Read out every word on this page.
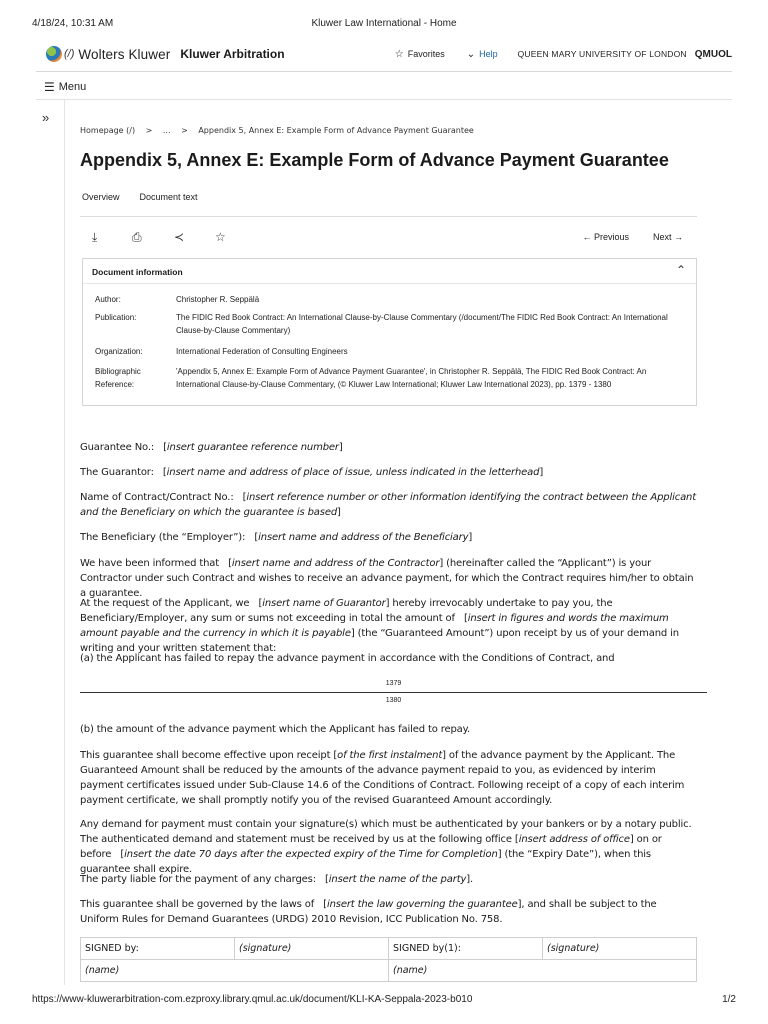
4/18/24, 10:31 AM	Kluwer Law International - Home
(/) Wolters Kluwer Kluwer Arbitration	☆ Favorites ⌄ Help QUEEN MARY UNIVERSITY OF LONDON QMUOL
☰ Menu
»
Homepage (/) > ... > Appendix 5, Annex E: Example Form of Advance Payment Guarantee
Appendix 5, Annex E: Example Form of Advance Payment Guarantee
Overview Document text
⤓	⎙	≺	☆	← Previous	Next →
Document information	⌃
Author:	Christopher R. Seppälä
Publication:	The FIDIC Red Book Contract: An International Clause-by-Clause Commentary (/document/The FIDIC Red Book Contract: An International Clause-by-Clause Commentary)
Organization:	International Federation of Consulting Engineers
Bibliographic Reference:
'Appendix 5, Annex E: Example Form of Advance Payment Guarantee', in Christopher R. Seppälä, The FIDIC Red Book Contract: An International Clause-by-Clause Commentary, (© Kluwer Law International; Kluwer Law International 2023), pp. 1379 - 1380

Guarantee No.:   [insert guarantee reference number]

The Guarantor:   [insert name and address of place of issue, unless indicated in the letterhead]

Name of Contract/Contract No.:   [insert reference number or other information identifying the contract between the Applicant and the Beneficiary on which the guarantee is based]

The Beneficiary (the “Employer”):   [insert name and address of the Beneficiary]

We have been informed that   [insert name and address of the Contractor] (hereinafter called the “Applicant”) is your Contractor under such Contract and wishes to receive an advance payment, for which the Contract requires him/her to obtain a guarantee.

At the request of the Applicant, we   [insert name of Guarantor] hereby irrevocably undertake to pay you, the Beneficiary/Employer, any sum or sums not exceeding in total the amount of   [insert in figures and words the maximum amount payable and the currency in which it is payable] (the “Guaranteed Amount”) upon receipt by us of your demand in writing and your written statement that:

(a) the Applicant has failed to repay the advance payment in accordance with the Conditions of Contract, and

1379
1380

(b) the amount of the advance payment which the Applicant has failed to repay.

This guarantee shall become effective upon receipt [of the first instalment] of the advance payment by the Applicant. The Guaranteed Amount shall be reduced by the amounts of the advance payment repaid to you, as evidenced by interim payment certificates issued under Sub-Clause 14.6 of the Conditions of Contract. Following receipt of a copy of each interim payment certificate, we shall promptly notify you of the revised Guaranteed Amount accordingly.

Any demand for payment must contain your signature(s) which must be authenticated by your bankers or by a notary public. The authenticated demand and statement must be received by us at the following office [insert address of office] on or before   [insert the date 70 days after the expected expiry of the Time for Completion] (the “Expiry Date”), when this guarantee shall expire.

The party liable for the payment of any charges:   [insert the name of the party].

This guarantee shall be governed by the laws of   [insert the law governing the guarantee], and shall be subject to the Uniform Rules for Demand Guarantees (URDG) 2010 Revision, ICC Publication No. 758.

SIGNED by:	(signature)	SIGNED by(1):	(signature)
(name)		(name)	
https://www-kluwerarbitration-com.ezproxy.library.qmul.ac.uk/document/KLI-KA-Seppala-2023-b010	1/2
